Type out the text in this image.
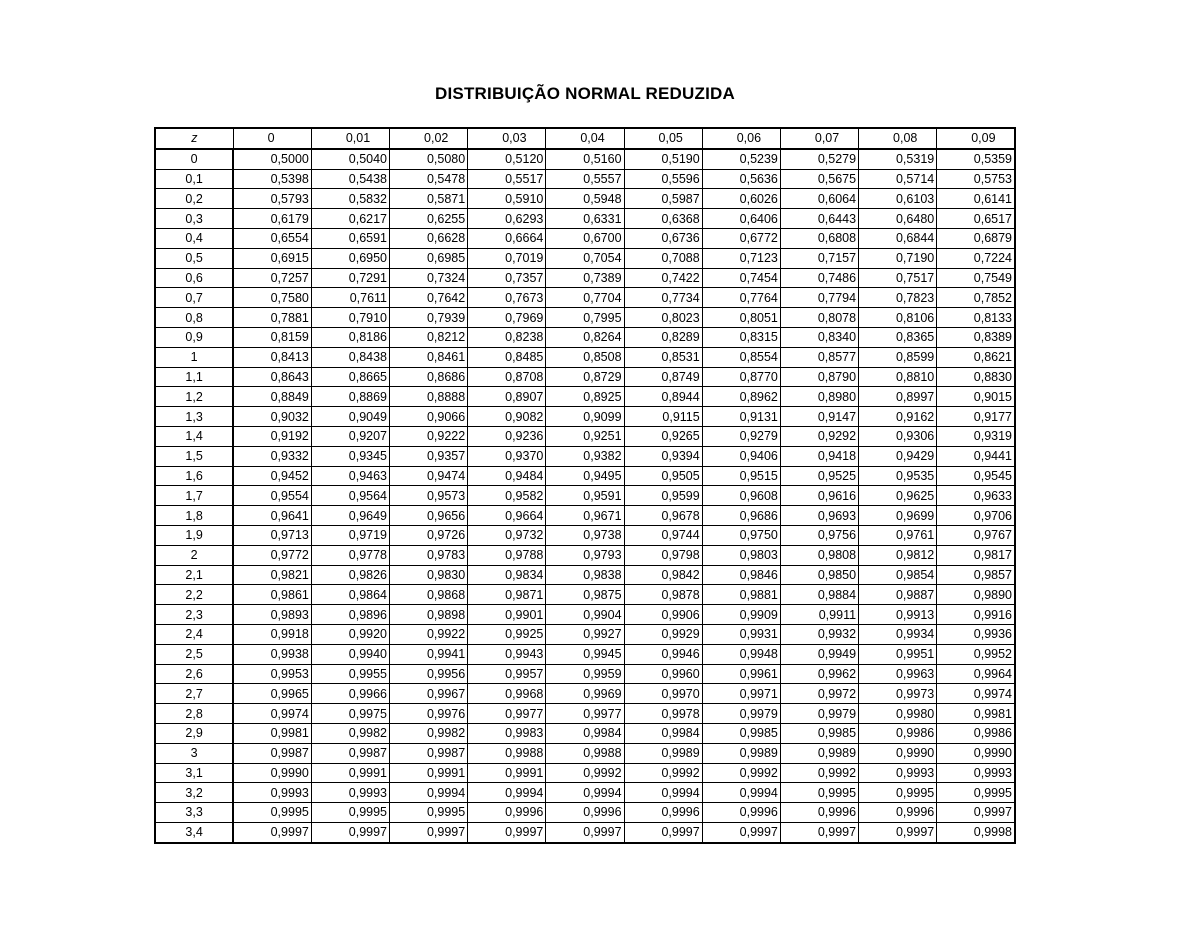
DISTRIBUIÇÃO NORMAL REDUZIDA
z	0	0,01	0,02	0,03	0,04	0,05	0,06	0,07	0,08	0,09
0	0,5000	0,5040	0,5080	0,5120	0,5160	0,5190	0,5239	0,5279	0,5319	0,5359
0,1	0,5398	0,5438	0,5478	0,5517	0,5557	0,5596	0,5636	0,5675	0,5714	0,5753
0,2	0,5793	0,5832	0,5871	0,5910	0,5948	0,5987	0,6026	0,6064	0,6103	0,6141
0,3	0,6179	0,6217	0,6255	0,6293	0,6331	0,6368	0,6406	0,6443	0,6480	0,6517
0,4	0,6554	0,6591	0,6628	0,6664	0,6700	0,6736	0,6772	0,6808	0,6844	0,6879
0,5	0,6915	0,6950	0,6985	0,7019	0,7054	0,7088	0,7123	0,7157	0,7190	0,7224
0,6	0,7257	0,7291	0,7324	0,7357	0,7389	0,7422	0,7454	0,7486	0,7517	0,7549
0,7	0,7580	0,7611	0,7642	0,7673	0,7704	0,7734	0,7764	0,7794	0,7823	0,7852
0,8	0,7881	0,7910	0,7939	0,7969	0,7995	0,8023	0,8051	0,8078	0,8106	0,8133
0,9	0,8159	0,8186	0,8212	0,8238	0,8264	0,8289	0,8315	0,8340	0,8365	0,8389
1	0,8413	0,8438	0,8461	0,8485	0,8508	0,8531	0,8554	0,8577	0,8599	0,8621
1,1	0,8643	0,8665	0,8686	0,8708	0,8729	0,8749	0,8770	0,8790	0,8810	0,8830
1,2	0,8849	0,8869	0,8888	0,8907	0,8925	0,8944	0,8962	0,8980	0,8997	0,9015
1,3	0,9032	0,9049	0,9066	0,9082	0,9099	0,9115	0,9131	0,9147	0,9162	0,9177
1,4	0,9192	0,9207	0,9222	0,9236	0,9251	0,9265	0,9279	0,9292	0,9306	0,9319
1,5	0,9332	0,9345	0,9357	0,9370	0,9382	0,9394	0,9406	0,9418	0,9429	0,9441
1,6	0,9452	0,9463	0,9474	0,9484	0,9495	0,9505	0,9515	0,9525	0,9535	0,9545
1,7	0,9554	0,9564	0,9573	0,9582	0,9591	0,9599	0,9608	0,9616	0,9625	0,9633
1,8	0,9641	0,9649	0,9656	0,9664	0,9671	0,9678	0,9686	0,9693	0,9699	0,9706
1,9	0,9713	0,9719	0,9726	0,9732	0,9738	0,9744	0,9750	0,9756	0,9761	0,9767
2	0,9772	0,9778	0,9783	0,9788	0,9793	0,9798	0,9803	0,9808	0,9812	0,9817
2,1	0,9821	0,9826	0,9830	0,9834	0,9838	0,9842	0,9846	0,9850	0,9854	0,9857
2,2	0,9861	0,9864	0,9868	0,9871	0,9875	0,9878	0,9881	0,9884	0,9887	0,9890
2,3	0,9893	0,9896	0,9898	0,9901	0,9904	0,9906	0,9909	0,9911	0,9913	0,9916
2,4	0,9918	0,9920	0,9922	0,9925	0,9927	0,9929	0,9931	0,9932	0,9934	0,9936
2,5	0,9938	0,9940	0,9941	0,9943	0,9945	0,9946	0,9948	0,9949	0,9951	0,9952
2,6	0,9953	0,9955	0,9956	0,9957	0,9959	0,9960	0,9961	0,9962	0,9963	0,9964
2,7	0,9965	0,9966	0,9967	0,9968	0,9969	0,9970	0,9971	0,9972	0,9973	0,9974
2,8	0,9974	0,9975	0,9976	0,9977	0,9977	0,9978	0,9979	0,9979	0,9980	0,9981
2,9	0,9981	0,9982	0,9982	0,9983	0,9984	0,9984	0,9985	0,9985	0,9986	0,9986
3	0,9987	0,9987	0,9987	0,9988	0,9988	0,9989	0,9989	0,9989	0,9990	0,9990
3,1	0,9990	0,9991	0,9991	0,9991	0,9992	0,9992	0,9992	0,9992	0,9993	0,9993
3,2	0,9993	0,9993	0,9994	0,9994	0,9994	0,9994	0,9994	0,9995	0,9995	0,9995
3,3	0,9995	0,9995	0,9995	0,9996	0,9996	0,9996	0,9996	0,9996	0,9996	0,9997
3,4	0,9997	0,9997	0,9997	0,9997	0,9997	0,9997	0,9997	0,9997	0,9997	0,9998
